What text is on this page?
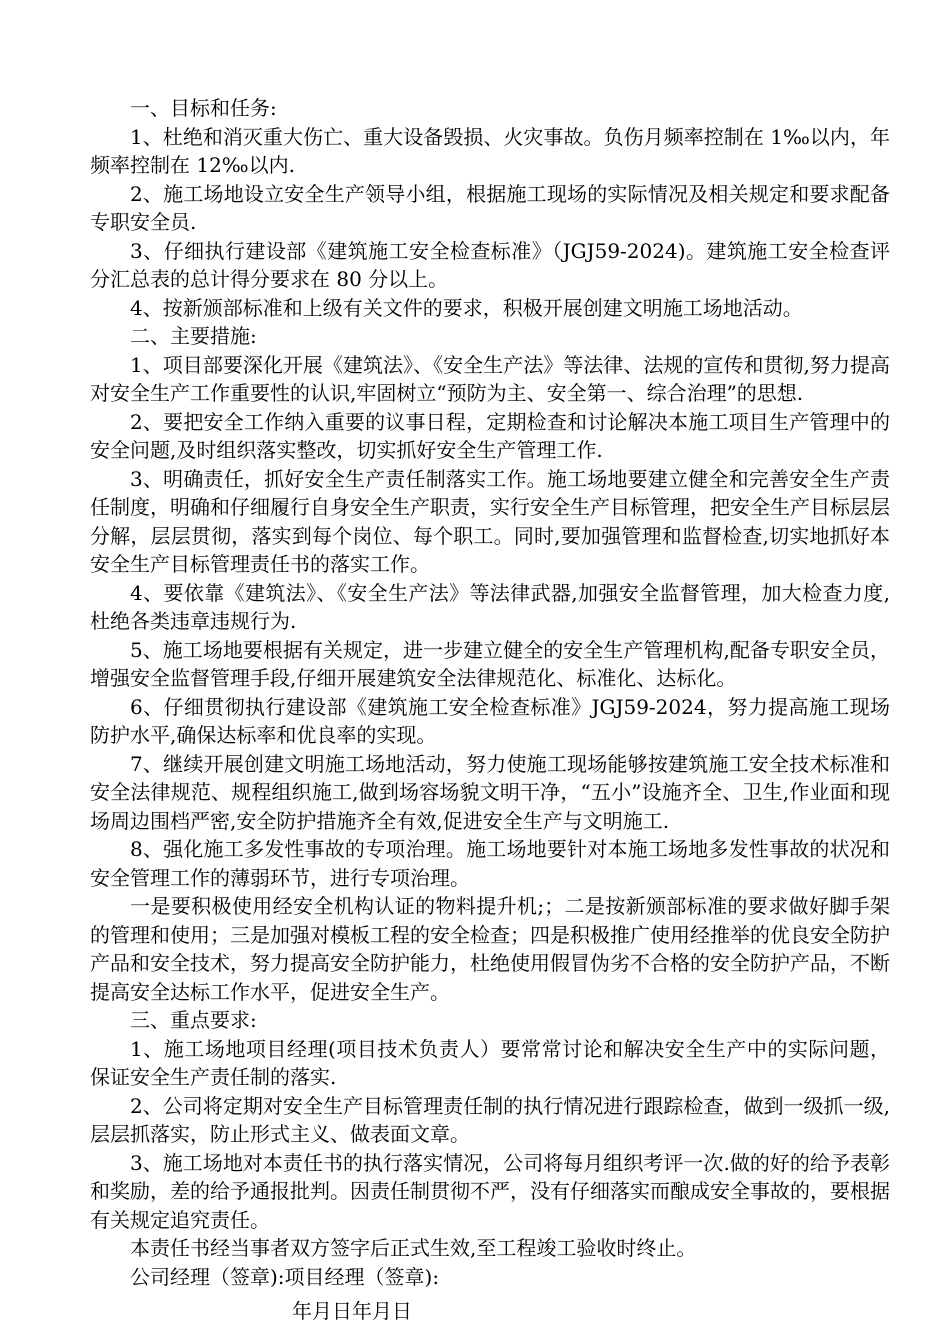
一、目标和任务:

1、杜绝和消灭重大伤亡、重大设备毁损、火灾事故。负伤月频率控制在 1‰以内，年频率控制在 12‰以内.

2、施工场地设立安全生产领导小组，根据施工现场的实际情况及相关规定和要求配备专职安全员.

3、仔细执行建设部《建筑施工安全检查标准》（JGJ59-2024)。建筑施工安全检查评分汇总表的总计得分要求在 80 分以上。

4、按新颁部标准和上级有关文件的要求，积极开展创建文明施工场地活动。

二、主要措施:

1、项目部要深化开展《建筑法》、《安全生产法》等法律、法规的宣传和贯彻,努力提高对安全生产工作重要性的认识,牢固树立“预防为主、安全第一、综合治理”的思想.

2、要把安全工作纳入重要的议事日程，定期检查和讨论解决本施工项目生产管理中的安全问题,及时组织落实整改，切实抓好安全生产管理工作.

3、明确责任，抓好安全生产责任制落实工作。施工场地要建立健全和完善安全生产责任制度，明确和仔细履行自身安全生产职责，实行安全生产目标管理，把安全生产目标层层分解，层层贯彻，落实到每个岗位、每个职工。同时,要加强管理和监督检查,切实地抓好本安全生产目标管理责任书的落实工作。

4、要依靠《建筑法》、《安全生产法》等法律武器,加强安全监督管理，加大检查力度,杜绝各类违章违规行为.

5、施工场地要根据有关规定，进一步建立健全的安全生产管理机构,配备专职安全员，增强安全监督管理手段,仔细开展建筑安全法律规范化、标准化、达标化。

6、仔细贯彻执行建设部《建筑施工安全检查标准》JGJ59-2024，努力提高施工现场防护水平,确保达标率和优良率的实现。

7、继续开展创建文明施工场地活动，努力使施工现场能够按建筑施工安全技术标准和安全法律规范、规程组织施工,做到场容场貌文明干净，“五小”设施齐全、卫生,作业面和现场周边围档严密,安全防护措施齐全有效,促进安全生产与文明施工.

8、强化施工多发性事故的专项治理。施工场地要针对本施工场地多发性事故的状况和安全管理工作的薄弱环节，进行专项治理。

一是要积极使用经安全机构认证的物料提升机;；二是按新颁部标准的要求做好脚手架的管理和使用；三是加强对模板工程的安全检查；四是积极推广使用经推举的优良安全防护产品和安全技术，努力提高安全防护能力，杜绝使用假冒伪劣不合格的安全防护产品，不断提高安全达标工作水平，促进安全生产。

三、重点要求:

1、施工场地项目经理(项目技术负责人）要常常讨论和解决安全生产中的实际问题，保证安全生产责任制的落实.

2、公司将定期对安全生产目标管理责任制的执行情况进行跟踪检查，做到一级抓一级,层层抓落实，防止形式主义、做表面文章。

3、施工场地对本责任书的执行落实情况，公司将每月组织考评一次.做的好的给予表彰和奖励，差的给予通报批判。因责任制贯彻不严，没有仔细落实而酿成安全事故的，要根据有关规定追究责任。

本责任书经当事者双方签字后正式生效,至工程竣工验收时终止。

公司经理（签章):项目经理（签章):

年月日年月日
